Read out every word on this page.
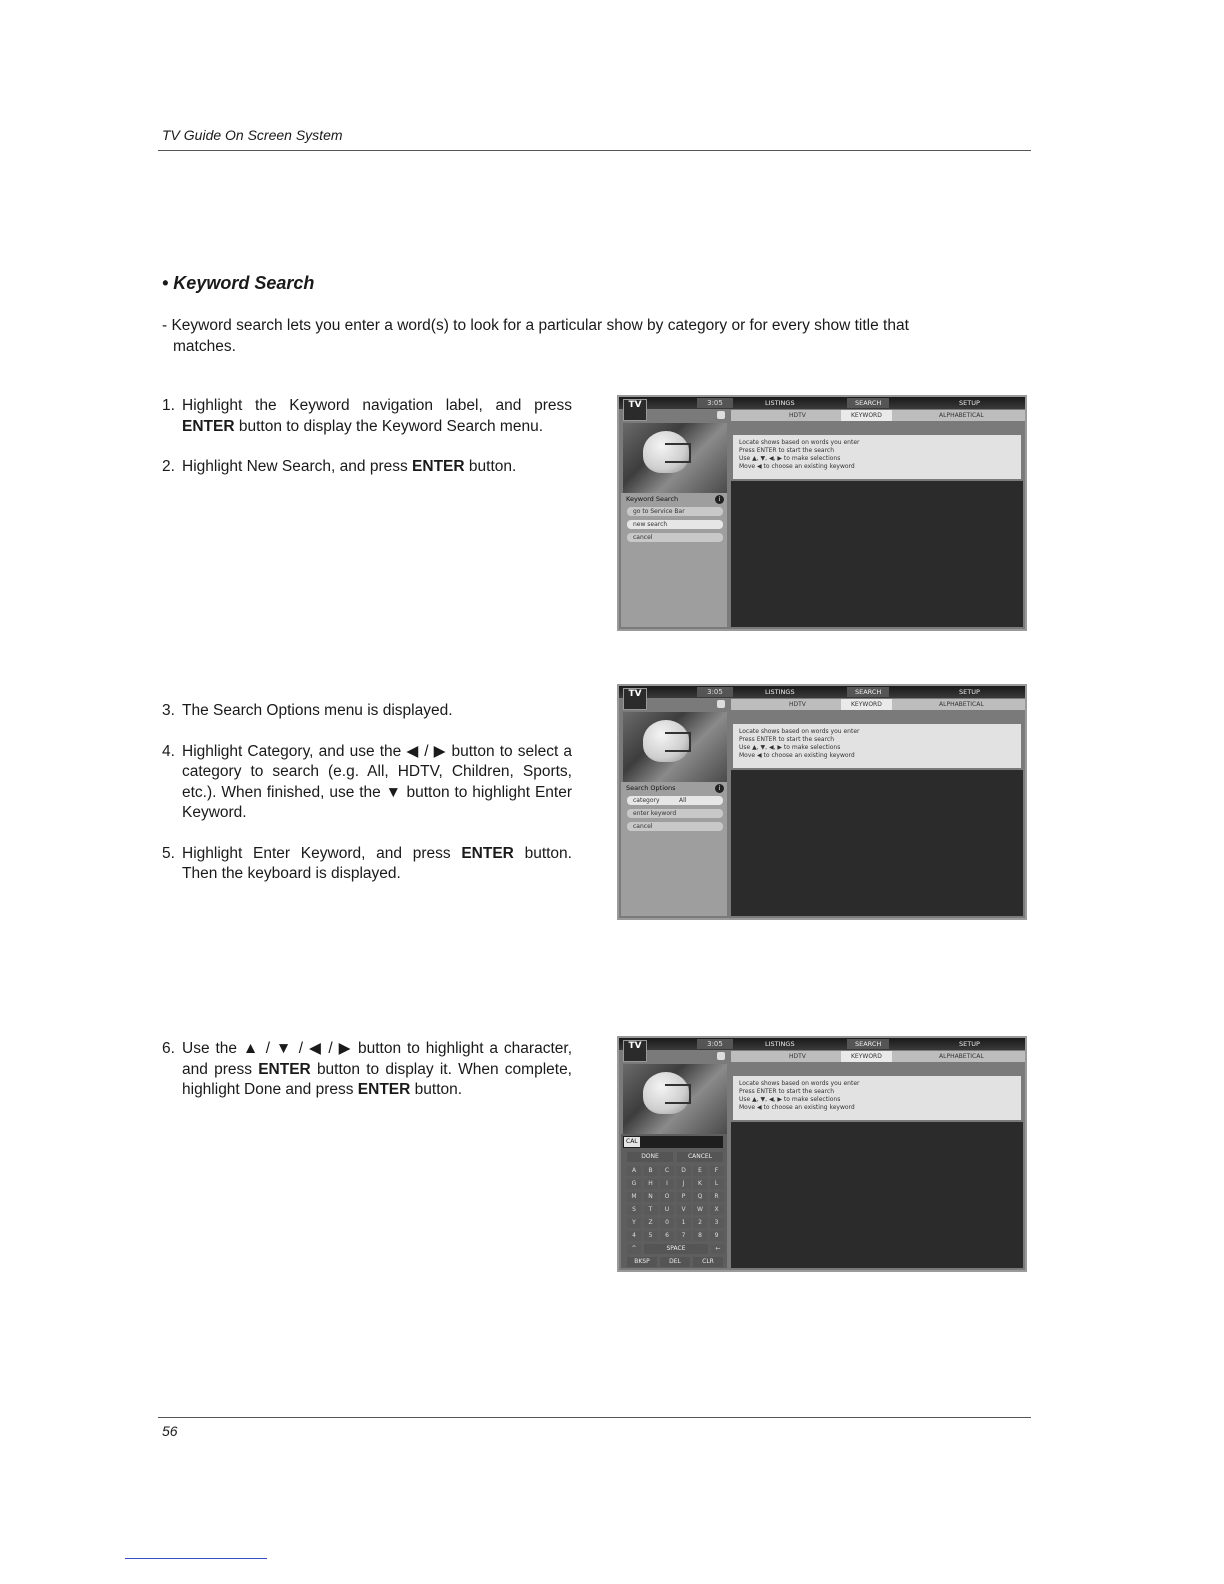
TV Guide On Screen System
• Keyword Search
- Keyword search lets you enter a word(s) to look for a particular show by category or for every show title that
matches.
1. Highlight the Keyword navigation label, and press ENTER button to display the Keyword Search menu.
2. Highlight New Search, and press ENTER button.
3. The Search Options menu is displayed.
4. Highlight Category, and use the ◀ / ▶ button to select a category to search (e.g. All, HDTV, Children, Sports, etc.). When finished, use the ▼ button to highlight Enter Keyword.
5. Highlight Enter Keyword, and press ENTER button. Then the keyboard is displayed.
6. Use the ▲ / ▼ / ◀ / ▶ button to highlight a character, and press ENTER button to display it. When complete, highlight Done and press ENTER button.
3:05	LISTINGS	SEARCH	SETUP
TV
HDTV	KEYWORD	ALPHABETICAL
Locate shows based on words you enter
Press ENTER to start the search
Use ▲, ▼, ◀, ▶ to make selections
Move ◀ to choose an existing keyword
Keyword Search	i
go to Service Bar
new search
cancel
3:05	LISTINGS	SEARCH	SETUP
TV
HDTV	KEYWORD	ALPHABETICAL
Locate shows based on words you enter
Press ENTER to start the search
Use ▲, ▼, ◀, ▶ to make selections
Move ◀ to choose an existing keyword
Search Options	i
category	All
enter keyword
cancel
3:05	LISTINGS	SEARCH	SETUP
TV
HDTV	KEYWORD	ALPHABETICAL
Locate shows based on words you enter
Press ENTER to start the search
Use ▲, ▼, ◀, ▶ to make selections
Move ◀ to choose an existing keyword
CAL
DONE	CANCEL
A	B	C	D	E	F
G	H	I	J	K	L
M	N	O	P	Q	R
S	T	U	V	W	X
Y	Z	0	1	2	3
4	5	6	7	8	9
^	SPACE	←
BKSP	DEL	CLR
56
